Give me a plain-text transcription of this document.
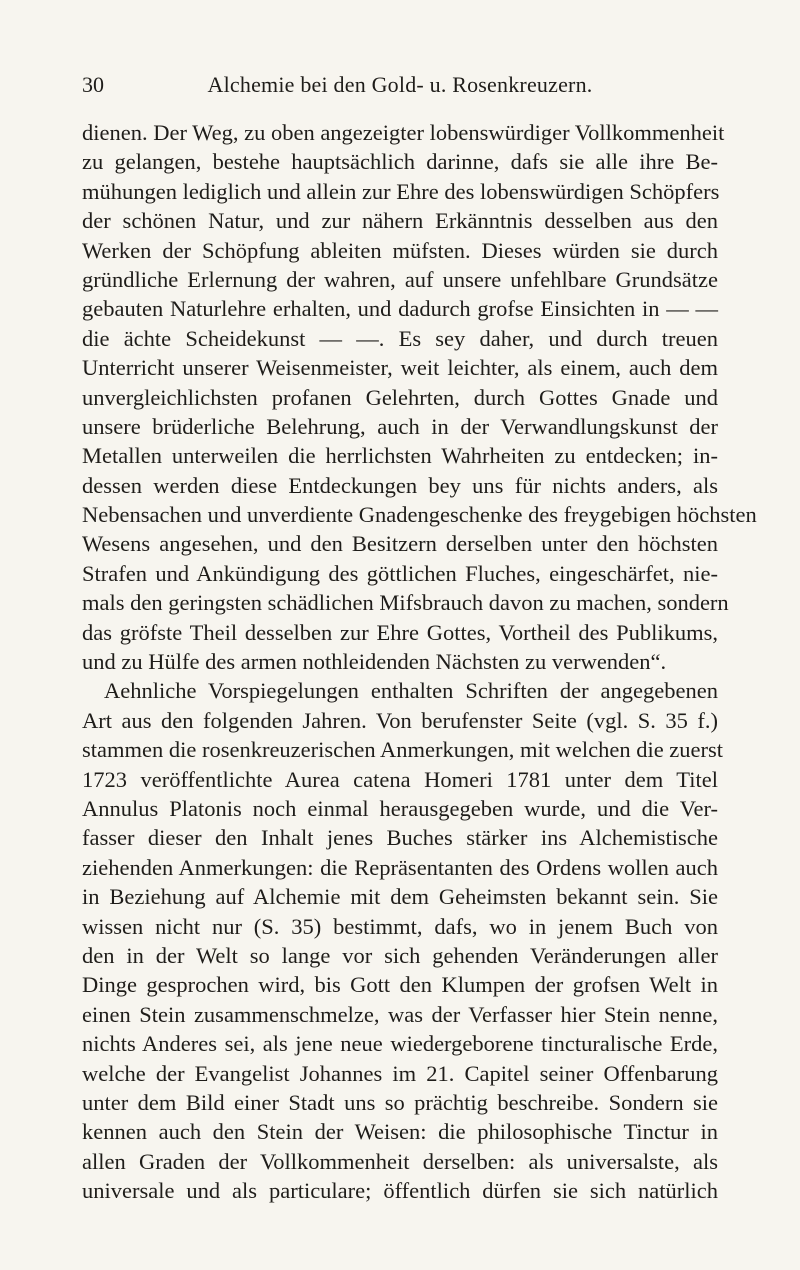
30	Alchemie bei den Gold- u. Rosenkreuzern.
dienen. Der Weg, zu oben angezeigter lobenswürdiger Vollkommenheit
zu gelangen, bestehe hauptsächlich darinne, dafs sie alle ihre Be-
mühungen lediglich und allein zur Ehre des lobenswürdigen Schöpfers
der schönen Natur, und zur nähern Erkänntnis desselben aus den
Werken der Schöpfung ableiten müfsten. Dieses würden sie durch
gründliche Erlernung der wahren, auf unsere unfehlbare Grundsätze
gebauten Naturlehre erhalten, und dadurch grofse Einsichten in — —
die ächte Scheidekunst — —. Es sey daher, und durch treuen
Unterricht unserer Weisenmeister, weit leichter, als einem, auch dem
unvergleichlichsten profanen Gelehrten, durch Gottes Gnade und
unsere brüderliche Belehrung, auch in der Verwandlungskunst der
Metallen unterweilen die herrlichsten Wahrheiten zu entdecken; in-
dessen werden diese Entdeckungen bey uns für nichts anders, als
Nebensachen und unverdiente Gnadengeschenke des freygebigen höchsten
Wesens angesehen, und den Besitzern derselben unter den höchsten
Strafen und Ankündigung des göttlichen Fluches, eingeschärfet, nie-
mals den geringsten schädlichen Mifsbrauch davon zu machen, sondern
das gröfste Theil desselben zur Ehre Gottes, Vortheil des Publikums,
und zu Hülfe des armen nothleidenden Nächsten zu verwenden“.
Aehnliche Vorspiegelungen enthalten Schriften der angegebenen
Art aus den folgenden Jahren. Von berufenster Seite (vgl. S. 35 f.)
stammen die rosenkreuzerischen Anmerkungen, mit welchen die zuerst
1723 veröffentlichte Aurea catena Homeri 1781 unter dem Titel
Annulus Platonis noch einmal herausgegeben wurde, und die Ver-
fasser dieser den Inhalt jenes Buches stärker ins Alchemistische
ziehenden Anmerkungen: die Repräsentanten des Ordens wollen auch
in Beziehung auf Alchemie mit dem Geheimsten bekannt sein. Sie
wissen nicht nur (S. 35) bestimmt, dafs, wo in jenem Buch von
den in der Welt so lange vor sich gehenden Veränderungen aller
Dinge gesprochen wird, bis Gott den Klumpen der grofsen Welt in
einen Stein zusammenschmelze, was der Verfasser hier Stein nenne,
nichts Anderes sei, als jene neue wiedergeborene tincturalische Erde,
welche der Evangelist Johannes im 21. Capitel seiner Offenbarung
unter dem Bild einer Stadt uns so prächtig beschreibe. Sondern sie
kennen auch den Stein der Weisen: die philosophische Tinctur in
allen Graden der Vollkommenheit derselben: als universalste, als
universale und als particulare; öffentlich dürfen sie sich natürlich
